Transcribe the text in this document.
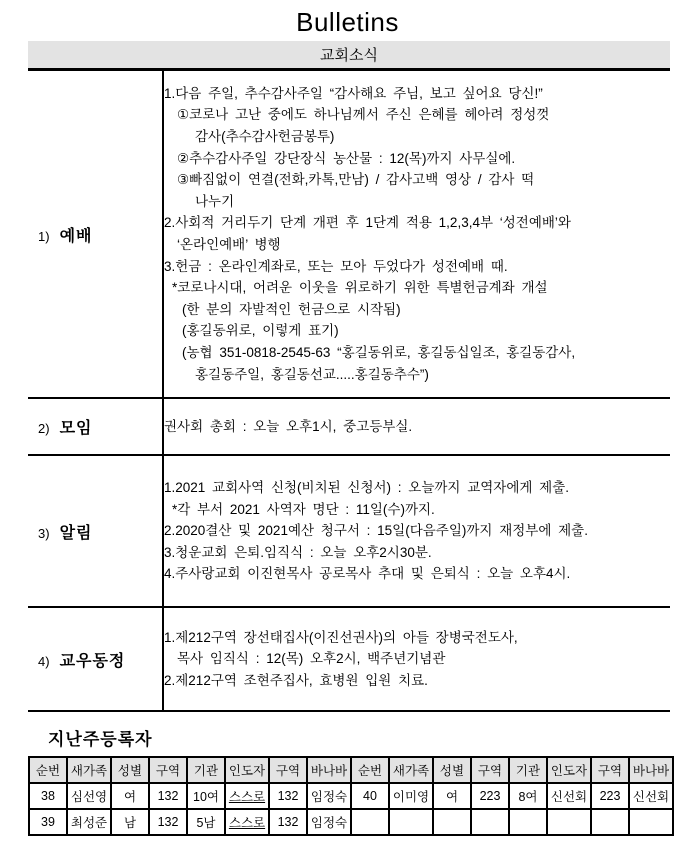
Bulletins
교회소식
1) 예배

1.다음 주일, 추수감사주일 “감사해요 주님, 보고 싶어요 당신!”
①코로나 고난 중에도 하나님께서 주신 은혜를 헤아려 정성껏
감사(추수감사헌금봉투)
②추수감사주일 강단장식 농산물 : 12(목)까지 사무실에.
③빠짐없이 연결(전화,카톡,만남) / 감사고백 영상 / 감사 떡
나누기
2.사회적 거리두기 단계 개편 후 1단계 적용 1,2,3,4부 ‘성전예배’와
‘온라인예배’ 병행
3.헌금 : 온라인계좌로, 또는 모아 두었다가 성전예배 때.
*코로나시대, 어려운 이웃을 위로하기 위한 특별헌금계좌 개설
(한 분의 자발적인 헌금으로 시작됨)
(홍길동위로, 이렇게 표기)
(농협 351-0818-2545-63 “홍길동위로, 홍길동십일조, 홍길동감사,
홍길동주일, 홍길동선교.....홍길동추수”)

2) 모임	권사회 총회 : 오늘 오후1시, 중고등부실.

3) 알림

1.2021 교회사역 신청(비치된 신청서) : 오늘까지 교역자에게 제출.
*각 부서 2021 사역자 명단 : 11일(수)까지.
2.2020결산 및 2021예산 청구서 : 15일(다음주일)까지 재정부에 제출.
3.청운교회 은퇴.임직식 : 오늘 오후2시30분.
4.주사랑교회 이진현목사 공로목사 추대 및 은퇴식 : 오늘 오후4시.

4) 교우동정

1.제212구역 장선태집사(이진선권사)의 아들 장병국전도사,
목사 임직식 : 12(목) 오후2시, 백주년기념관
2.제212구역 조현주집사, 효병원 입원 치료.
지난주등록자
순번	새가족	성별	구역	기관	인도자	구역	바나바	순번	새가족	성별	구역	기관	인도자	구역	바나바
38	심선영	여	132	10여	스스로	132	임정숙	40	이미영	여	223	8여	신선회	223	신선회
39	최성준	남	132	5남	스스로	132	임정숙								
